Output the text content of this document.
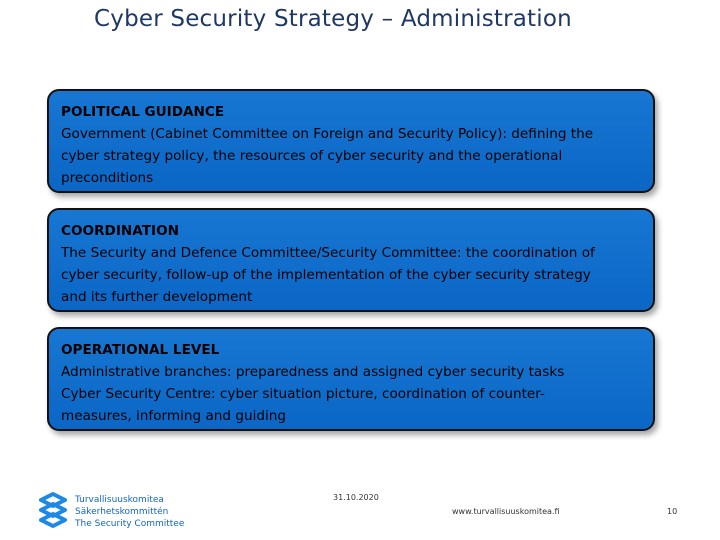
Cyber Security Strategy – Administration
POLITICAL GUIDANCE
Government (Cabinet Committee on Foreign and Security Policy): defining the
cyber strategy policy, the resources of cyber security and the operational
preconditions
COORDINATION
The Security and Defence Committee/Security Committee: the coordination of
cyber security, follow-up of the implementation of the cyber security strategy
and its further development
OPERATIONAL LEVEL
Administrative branches: preparedness and assigned cyber security tasks
Cyber Security Centre: cyber situation picture, coordination of counter-
measures, informing and guiding
Turvallisuuskomitea
Säkerhetskommittén
The Security Committee
31.10.2020
www.turvallisuuskomitea.fi	10
